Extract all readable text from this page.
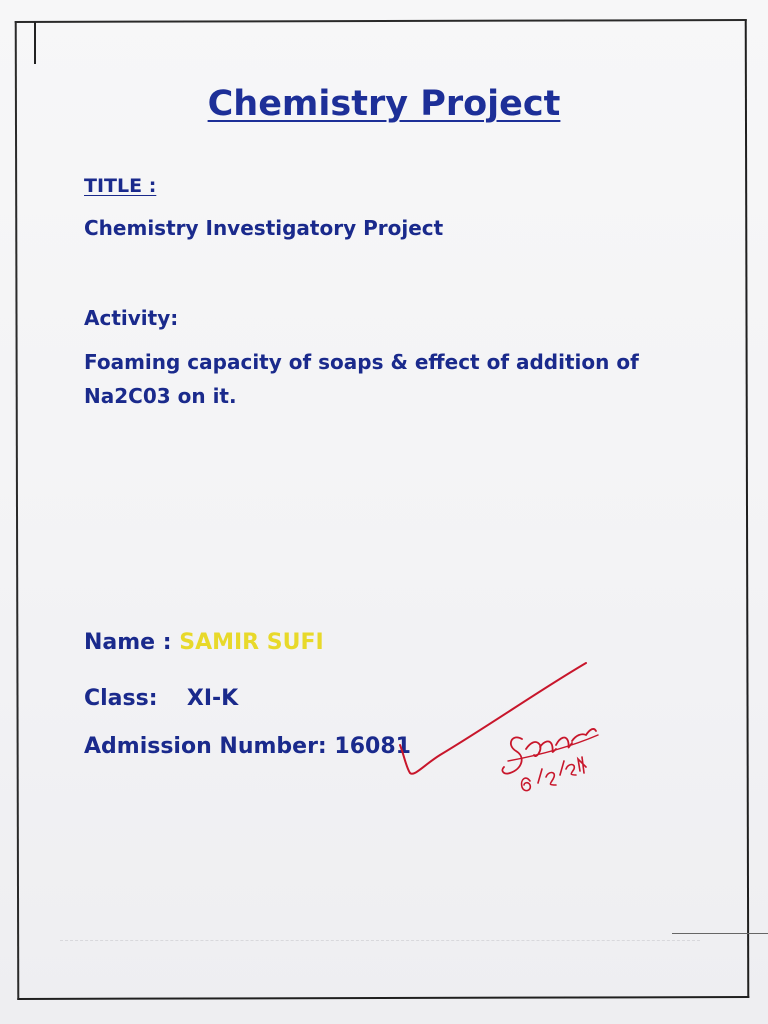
Chemistry Project
TITLE :
Chemistry Investigatory Project
Activity:
Foaming capacity of soaps & effect of addition of
Na2C03 on it.
Name : SAMIR SUFI
Class: XI-K
Admission Number: 16081
